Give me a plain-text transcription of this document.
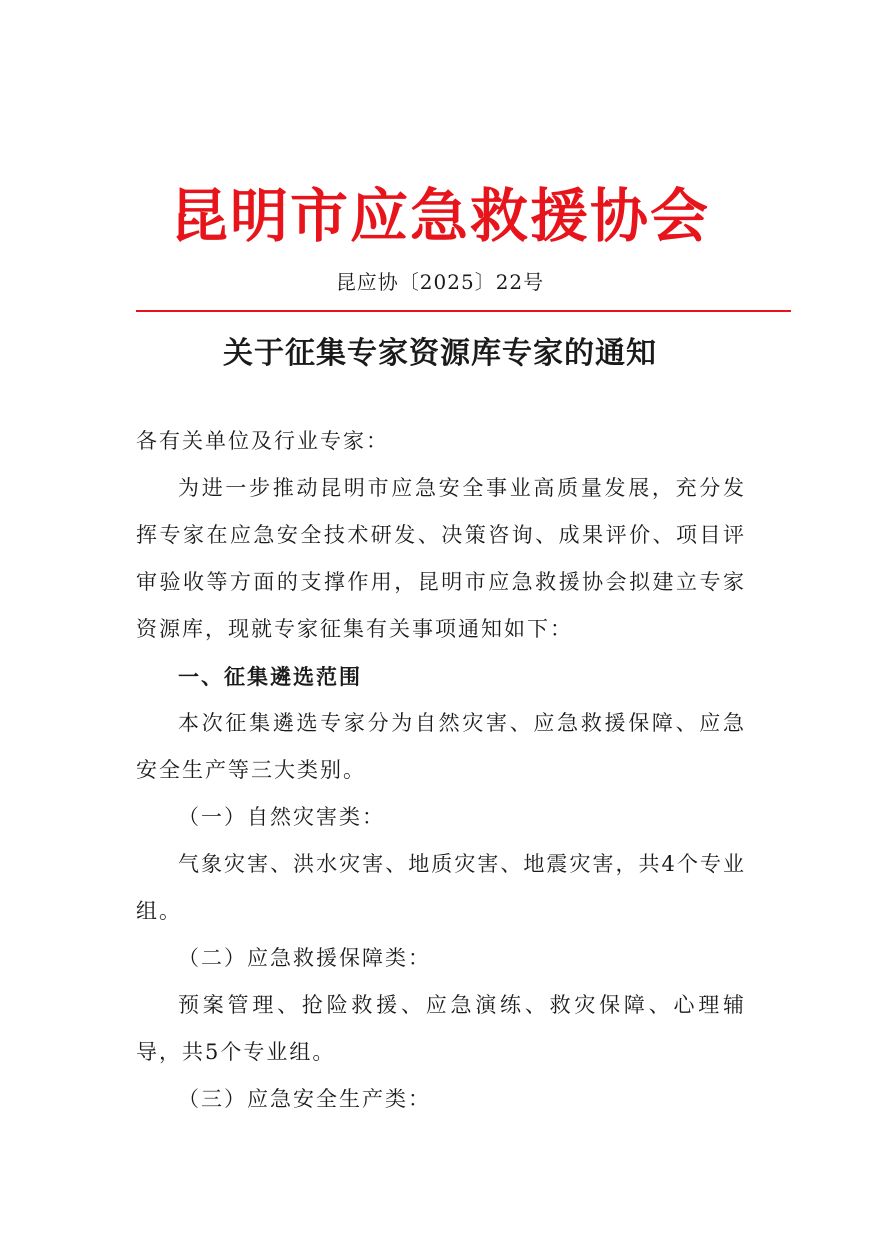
昆明市应急救援协会
昆应协〔2025〕22号
关于征集专家资源库专家的通知

各有关单位及行业专家：

为进一步推动昆明市应急安全事业高质量发展，充分发挥专家在应急安全技术研发、决策咨询、成果评价、项目评审验收等方面的支撑作用，昆明市应急救援协会拟建立专家资源库，现就专家征集有关事项通知如下：

一、征集遴选范围

本次征集遴选专家分为自然灾害、应急救援保障、应急安全生产等三大类别。

（一）自然灾害类：

气象灾害、洪水灾害、地质灾害、地震灾害，共4个专业组。

（二）应急救援保障类：

预案管理、抢险救援、应急演练、救灾保障、心理辅导，共5个专业组。

（三）应急安全生产类：
